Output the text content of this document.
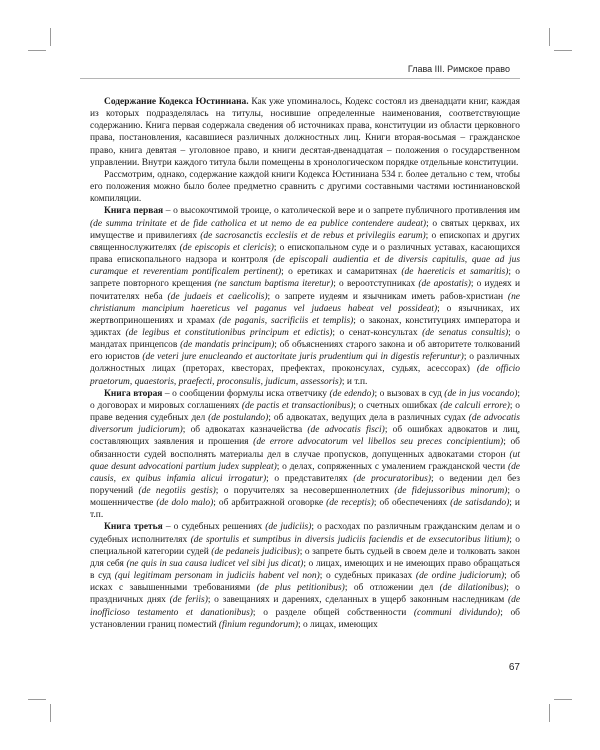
Глава III. Римское право

Содержание Кодекса Юстиниана. Как уже упоминалось, Кодекс состоял из двенадцати книг, каждая из которых подразделялась на титулы, носившие определенные наименования, соответствующие содержанию. Книга первая содержала сведения об источниках права, конституции из области церковного права, постановления, касавшиеся различных должностных лиц. Книги вторая-восьмая – гражданское право, книга девятая – уголовное право, и книги десятая-двенадцатая – положения о государственном управлении. Внутри каждого титула были помещены в хронологическом порядке отдельные конституции.

Рассмотрим, однако, содержание каждой книги Кодекса Юстиниана 534 г. более детально с тем, чтобы его положения можно было более предметно сравнить с другими составными частями юстиниановской компиляции.

Книга первая – о высокочтимой троице, о католической вере и о запрете публичного противления им (de summa trinitate et de fide catholica et ut nemo de ea publice contendere audeat); о святых церквах, их имуществе и привилегиях (de sacrosanctis ecclesiis et de rebus et privilegiis earum); о епископах и других священнослужителях (de episcopis et clericis); о епископальном суде и о различных уставах, касающихся права епископального надзора и контроля (de episcopali audientia et de diversis capitulis, quae ad jus curamque et reverentiam pontificalem pertinent); о еретиках и самаритянах (de haereticis et samaritis); о запрете повторного крещения (ne sanctum baptisma iteretur); о вероотступниках (de apostatis); о иудеях и почитателях неба (de judaeis et caelicolis); о запрете иудеям и язычникам иметь рабов-христиан (ne christianum mancipium haereticus vel paganus vel judaeus habeat vel possideat); о язычниках, их жертвоприношениях и храмах (de paganis, sacrificiis et templis); о законах, конституциях императора и эдиктах (de legibus et constitutionibus principum et edictis); о сенат-консультах (de senatus consultis); о мандатах принцепсов (de mandatis principum); об объяснениях старого закона и об авторитете толкований его юристов (de veteri jure enucleando et auctoritate juris prudentium qui in digestis referuntur); о различных должностных лицах (преторах, квесторах, префектах, проконсулах, судьях, асессорах) (de officio praetorum, quaestoris, praefecti, proconsulis, judicum, assessoris); и т.п.

Книга вторая – о сообщении формулы иска ответчику (de edendo); о вызовах в суд (de in jus vocando); о договорах и мировых соглашениях (de pactis et transactionibus); о счетных ошибках (de calculi errore); о праве ведения судебных дел (de postulando); об адвокатах, ведущих дела в различных судах (de advocatis diversorum judiciorum); об адвокатах казначейства (de advocatis fisci); об ошибках адвокатов и лиц, составляющих заявления и прошения (de errore advocatorum vel libellos seu preces concipientium); об обязанности судей восполнять материалы дел в случае пропусков, допущенных адвокатами сторон (ut quae desunt advocationi partium judex suppleat); о делах, сопряженных с умалением гражданской чести (de causis, ex quibus infamia alicui irrogatur); о представителях (de procuratoribus); о ведении дел без поручений (de negotiis gestis); о поручителях за несовершеннолетних (de fidejussoribus minorum); о мошенничестве (de dolo malo); об арбитражной оговорке (de receptis); об обеспечениях (de satisdando); и т.п.

Книга третья – о судебных решениях (de judiciis); о расходах по различным гражданским делам и о судебных исполнителях (de sportulis et sumptibus in diversis judiciis faciendis et de exsecutoribus litium); о специальной категории судей (de pedaneis judicibus); о запрете быть судьей в своем деле и толковать закон для себя (ne quis in sua causa iudicet vel sibi jus dicat); о лицах, имеющих и не имеющих право обращаться в суд (qui legitimam personam in judiciis habent vel non); о судебных приказах (de ordine judiciorum); об исках с завышенными требованиями (de plus petitionibus); об отложении дел (de dilationibus); о праздничных днях (de feriis); о завещаниях и дарениях, сделанных в ущерб законным наследникам (de inofficioso testamento et danationibus); о разделе общей собственности (communi dividundo); об установлении границ поместий (finium regundorum); о лицах, имеющих

67
